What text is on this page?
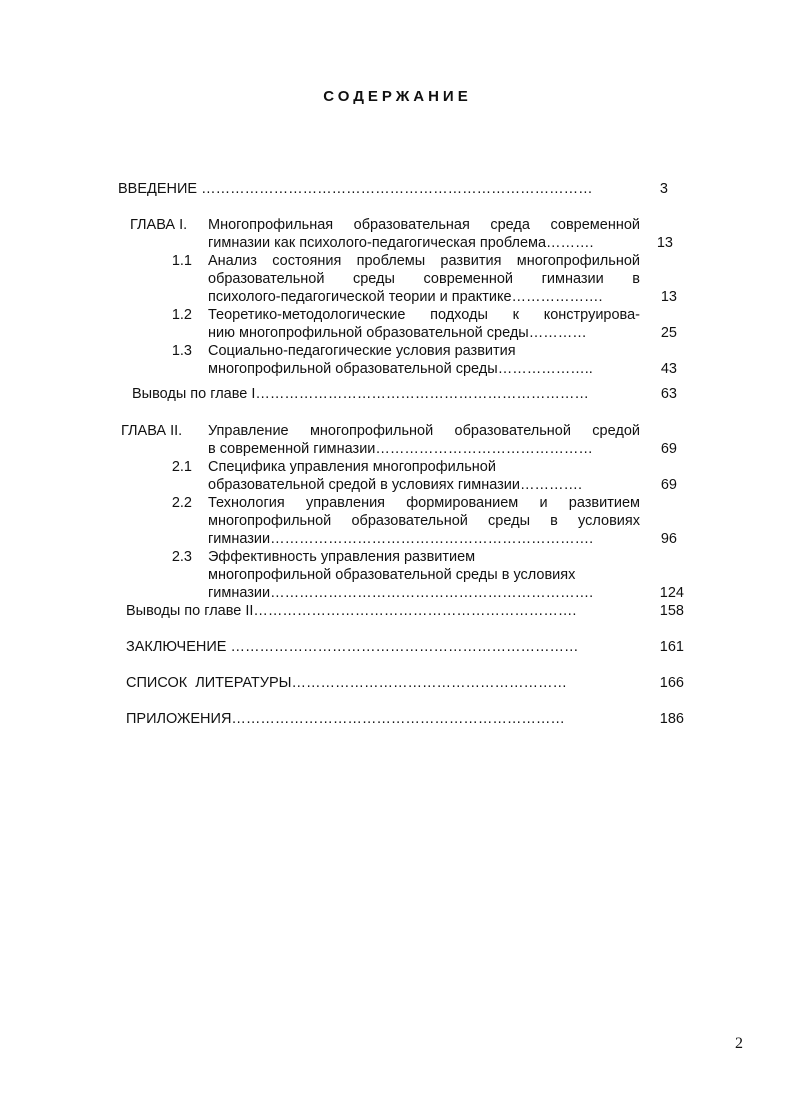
СОДЕРЖАНИЕ
ВВЕДЕНИЕ ………………………………………………………………………	3
ГЛАВА I. Многопрофильная образовательная среда современной
гимназии как психолого-педагогическая проблема……….	13
1.1 Анализ состояния проблемы развития многопрофильной
образовательной среды современной гимназии в
психолого-педагогической теории и практике……………….	13
1.2 Теоретико-методологические подходы к конструирова-
нию многопрофильной образовательной среды…………	25
1.3 Социально-педагогические условия развития
многопрофильной образовательной среды………………..	43
Выводы по главе I……………………………………………………………	63
ГЛАВА II. Управление многопрофильной образовательной средой
в современной гимназии………………………………………	69
2.1 Специфика управления многопрофильной
образовательной средой в условиях гимназии………….	69
2.2 Технология управления формированием и развитием
многопрофильной образовательной среды в условиях
гимназии………………………………………………………….	96
2.3 Эффективность управления развитием
многопрофильной образовательной среды в условиях
гимназии………………………………………………………….	124
Выводы по главе II………………………………………………………….	158
ЗАКЛЮЧЕНИЕ ………………………………………………………………	161
СПИСОК ЛИТЕРАТУРЫ…………………………………………………	166
ПРИЛОЖЕНИЯ……………………………………………………………	186
2
